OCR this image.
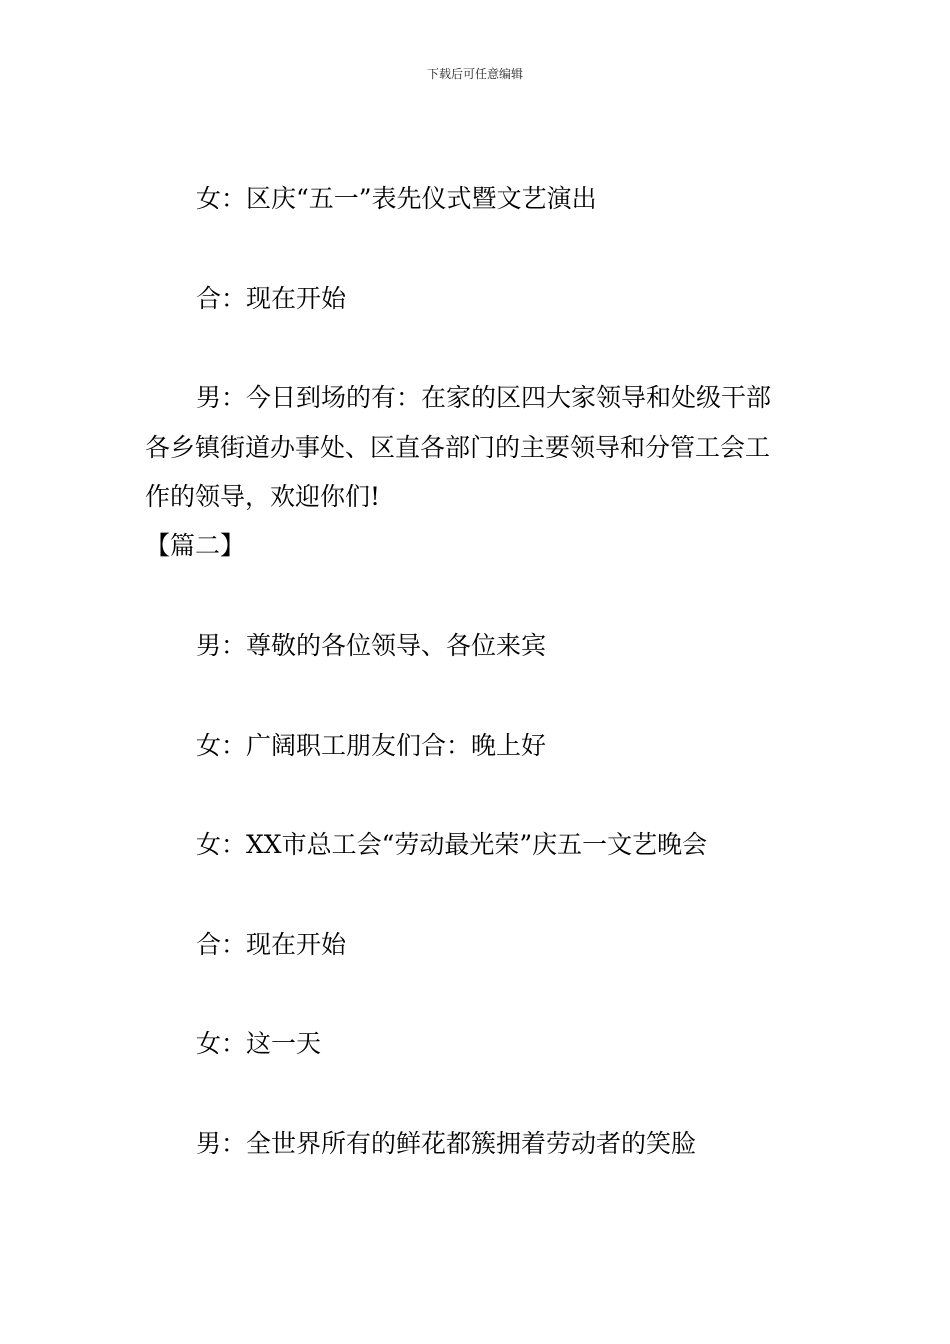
下载后可任意编辑
女：区庆“五一”表先仪式暨文艺演出
合：现在开始
男：今日到场的有：在家的区四大家领导和处级干部
各乡镇街道办事处、区直各部门的主要领导和分管工会工
作的领导，欢迎你们!
【篇二】
男：尊敬的各位领导、各位来宾
女：广阔职工朋友们合：晚上好
女：XX市总工会“劳动最光荣”庆五一文艺晚会
合：现在开始
女：这一天
男：全世界所有的鲜花都簇拥着劳动者的笑脸
